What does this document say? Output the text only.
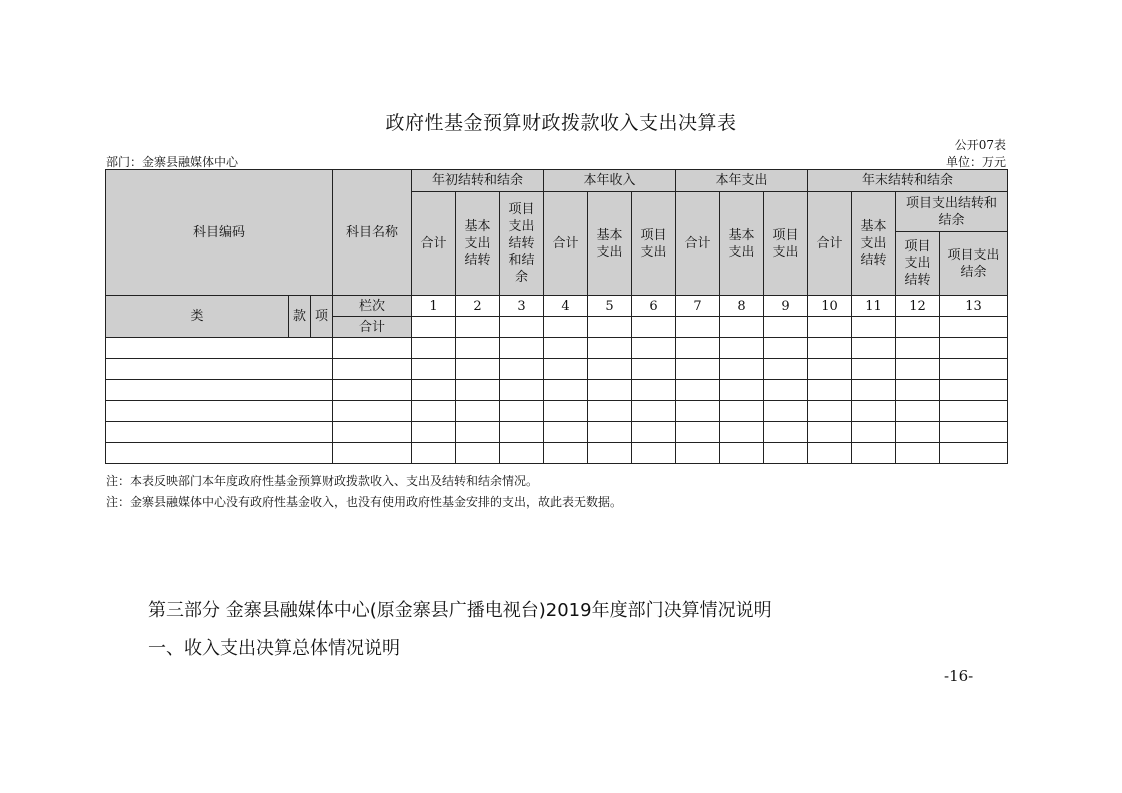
政府性基金预算财政拨款收入支出决算表
公开07表
部门：金寨县融媒体中心	单位：万元
科目编码			科目名称	年初结转和结余			本年收入			本年支出			年末结转和结余			
				合计	基本支出结转	项目支出结转和结余	合计	基本支出	项目支出	合计	基本支出	项目支出	合计	基本支出结转	项目支出结转和结余	

															项目支出结转	项目支出结余

类	款	项	栏次	1	2	3	4	5	6	7	8	9	10	11	12	13
			合计													

注：本表反映部门本年度政府性基金预算财政拨款收入、支出及结转和结余情况。
注：金寨县融媒体中心没有政府性基金收入，也没有使用政府性基金安排的支出，故此表无数据。
第三部分 金寨县融媒体中心(原金寨县广播电视台)2019年度部门决算情况说明
一、收入支出决算总体情况说明
-16-
